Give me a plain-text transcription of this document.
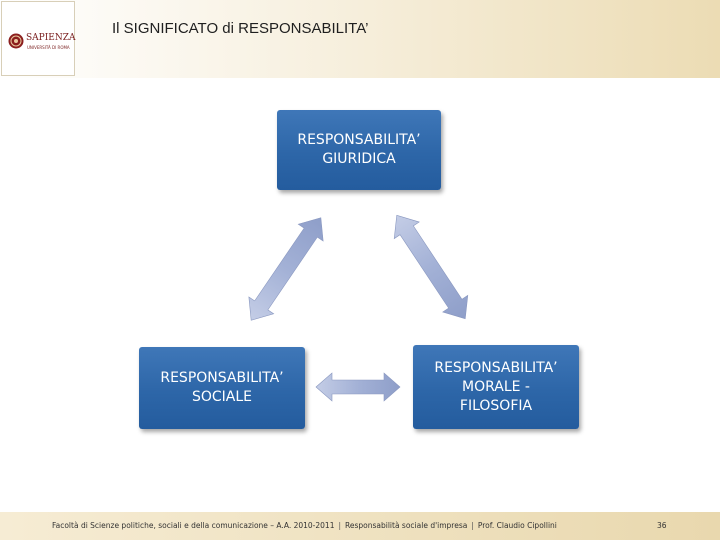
SAPIENZA
UNIVERSITÀ DI ROMA
Il SIGNIFICATO di RESPONSABILITA’
RESPONSABILITA’
GIURIDICA
RESPONSABILITA’
SOCIALE
RESPONSABILITA’
MORALE -
FILOSOFIA
Facoltà di Scienze politiche, sociali e della comunicazione – A.A. 2010-2011 | Responsabilità sociale d'impresa | Prof. Claudio Cipollini	36
